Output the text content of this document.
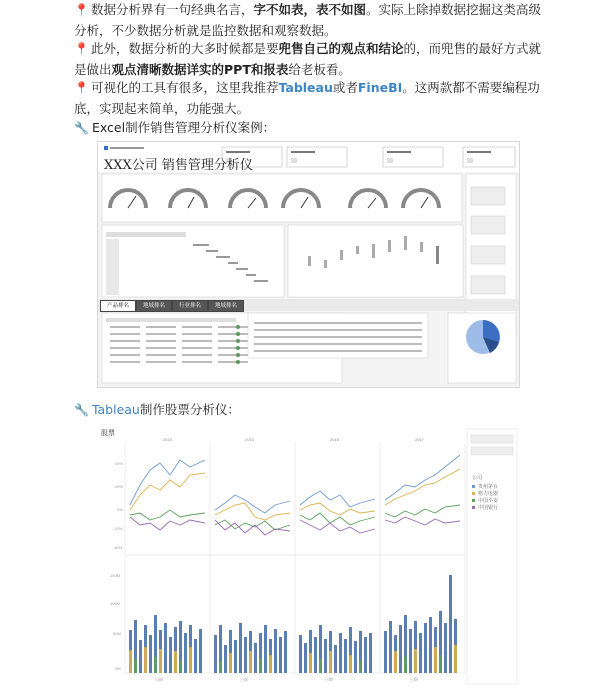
📍 数据分析界有一句经典名言，字不如表，表不如图。实际上除掉数据挖掘这类高级分析，不少数据分析就是监控数据和观察数据。
📍 此外，数据分析的大多时候都是要兜售自己的观点和结论的，而兜售的最好方式就是做出观点清晰数据详实的PPT和报表给老板看。
📍 可视化的工具有很多，这里我推荐Tableau或者FineBI。这两款都不需要编程功底，实现起来简单，功能强大。
🔧 Excel制作销售管理分析仪案例：
XXX公司 销售管理分析仪
产品排名	地域排名	行业排名	地域排名
🔧 Tableau制作股票分析仪：
股票
2014	2015	2016	2017
40%
20%
0%
-20%
-40%
150M
100M
50M
0M
日期	日期	日期	日期
公司
贵州茅台
格力电器
中国平安
中国银行
